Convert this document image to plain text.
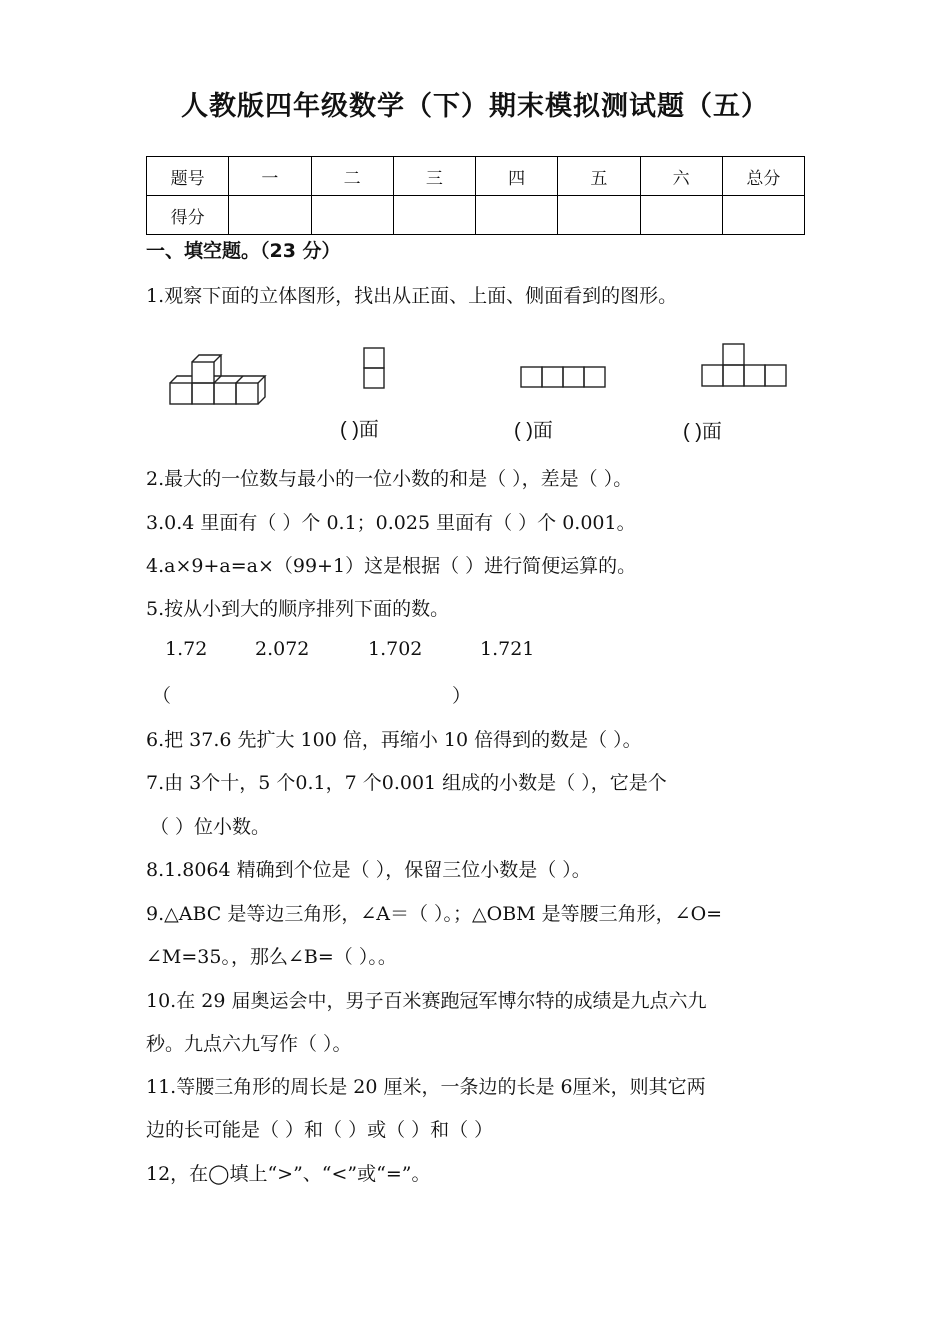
人教版四年级数学（下）期末模拟测试题（五）
题号	一	二	三	四	五	六	总分
得分							
一、填空题。（23 分）
1.观察下面的立体图形，找出从正面、上面、侧面看到的图形。
( )面	( )面	( )面
2.最大的一位数与最小的一位小数的和是（ ），差是（ ）。
3.0.4 里面有（ ）个 0.1；0.025 里面有（ ）个 0.001。
4.a×9+a=a×（99+1）这是根据（ ）进行简便运算的。
5.按从小到大的顺序排列下面的数。
1.72	2.072	1.702	1.721
（	）
6.把 37.6 先扩大 100 倍，再缩小 10 倍得到的数是（ ）。
7.由 3个十，5 个0.1，7 个0.001 组成的小数是（ ），它是个
（ ）位小数。
8.1.8064 精确到个位是（ ），保留三位小数是（ ）。
9.△ABC 是等边三角形，∠A＝（ ）。；△OBM 是等腰三角形，∠O=
∠M=35。，那么∠B=（ ）。。
10.在 29 届奥运会中，男子百米赛跑冠军博尔特的成绩是九点六九
秒。九点六九写作（ ）。
11.等腰三角形的周长是 20 厘米，一条边的长是 6厘米，则其它两
边的长可能是（ ）和（ ）或（ ）和（ ）
12，在◯填上“>”、“<”或“=”。
